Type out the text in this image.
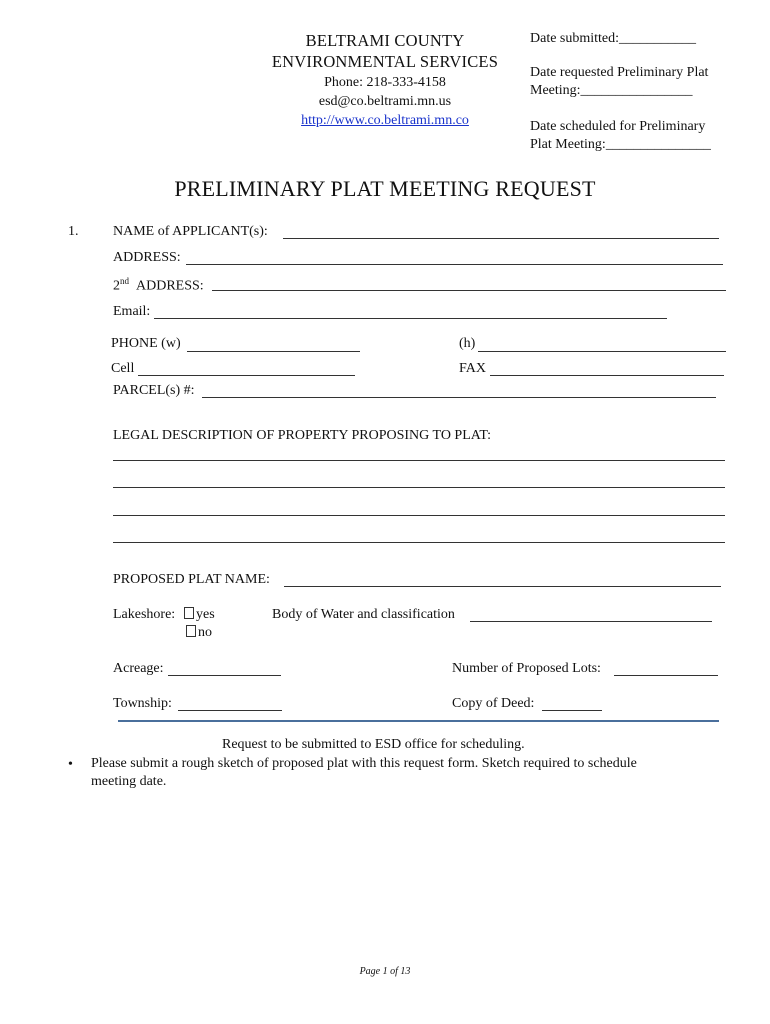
BELTRAMI COUNTY
ENVIRONMENTAL SERVICES
Phone: 218-333-4158
esd@co.beltrami.mn.us
http://www.co.beltrami.mn.co
Date submitted:___________
Date requested Preliminary Plat
Meeting:________________
Date scheduled for Preliminary
Plat Meeting:_______________
PRELIMINARY PLAT MEETING REQUEST
1. NAME of APPLICANT(s):
ADDRESS:
2nd ADDRESS:
Email:
PHONE (w)	(h)
Cell	FAX
PARCEL(s) #:
LEGAL DESCRIPTION OF PROPERTY PROPOSING TO PLAT:
PROPOSED PLAT NAME:
Lakeshore:	yes
no
Body of Water and classification
Acreage:	Number of Proposed Lots:
Township:	Copy of Deed:
Request to be submitted to ESD office for scheduling.
• Please submit a rough sketch of proposed plat with this request form. Sketch required to schedule
meeting date.
Page 1 of 13
